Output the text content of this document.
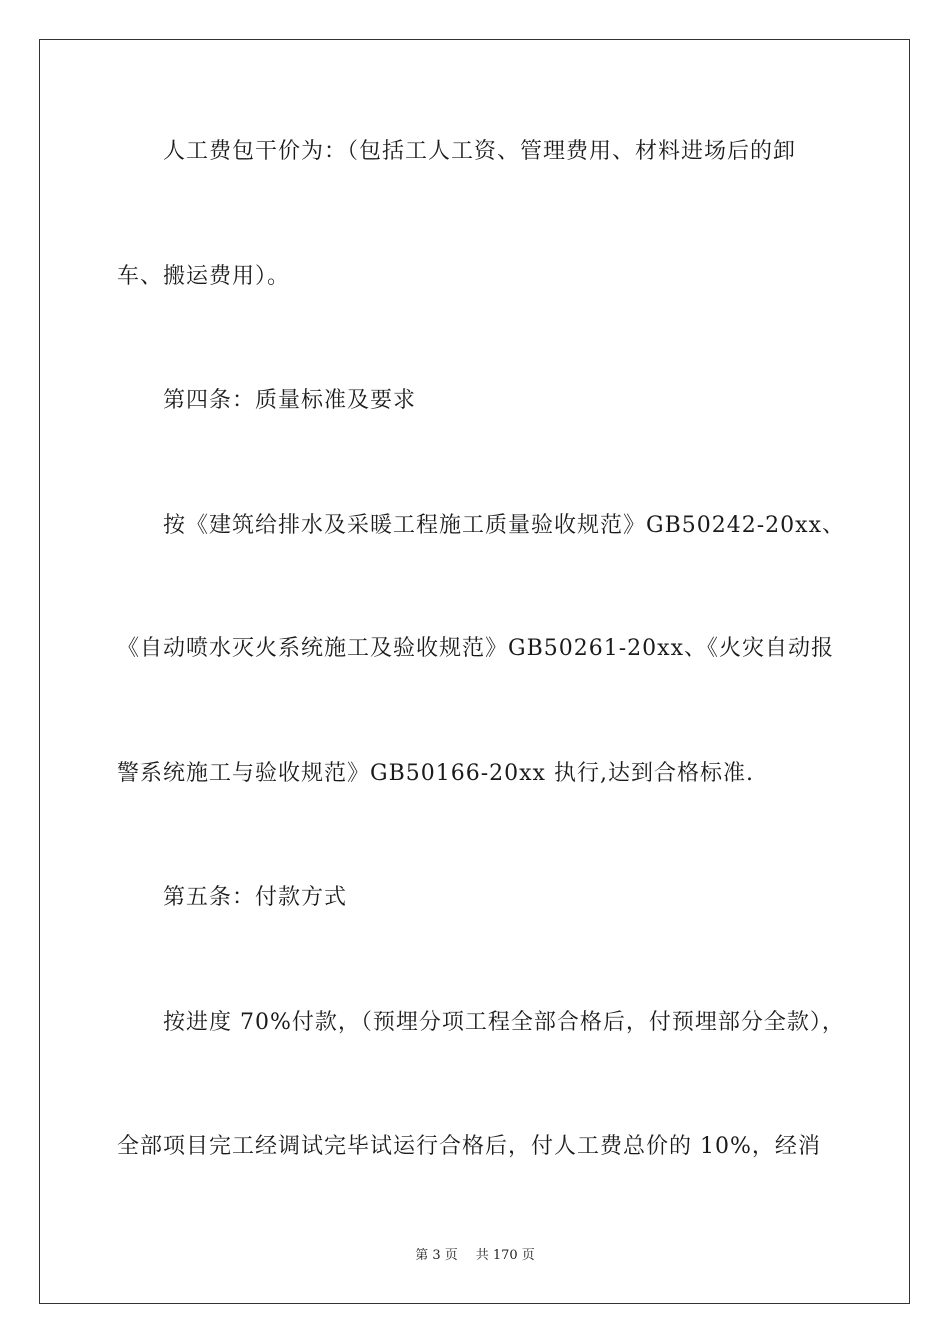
人工费包干价为：（包括工人工资、管理费用、材料进场后的卸
车、搬运费用）。
第四条：质量标准及要求
按《建筑给排水及采暖工程施工质量验收规范》GB50242-20xx、
《自动喷水灭火系统施工及验收规范》GB50261-20xx、《火灾自动报
警系统施工与验收规范》GB50166-20xx 执行,达到合格标准.
第五条：付款方式
按进度 70%付款，（预埋分项工程全部合格后，付预埋部分全款），
全部项目完工经调试完毕试运行合格后，付人工费总价的 10%，经消
第 3 页 共 170 页
